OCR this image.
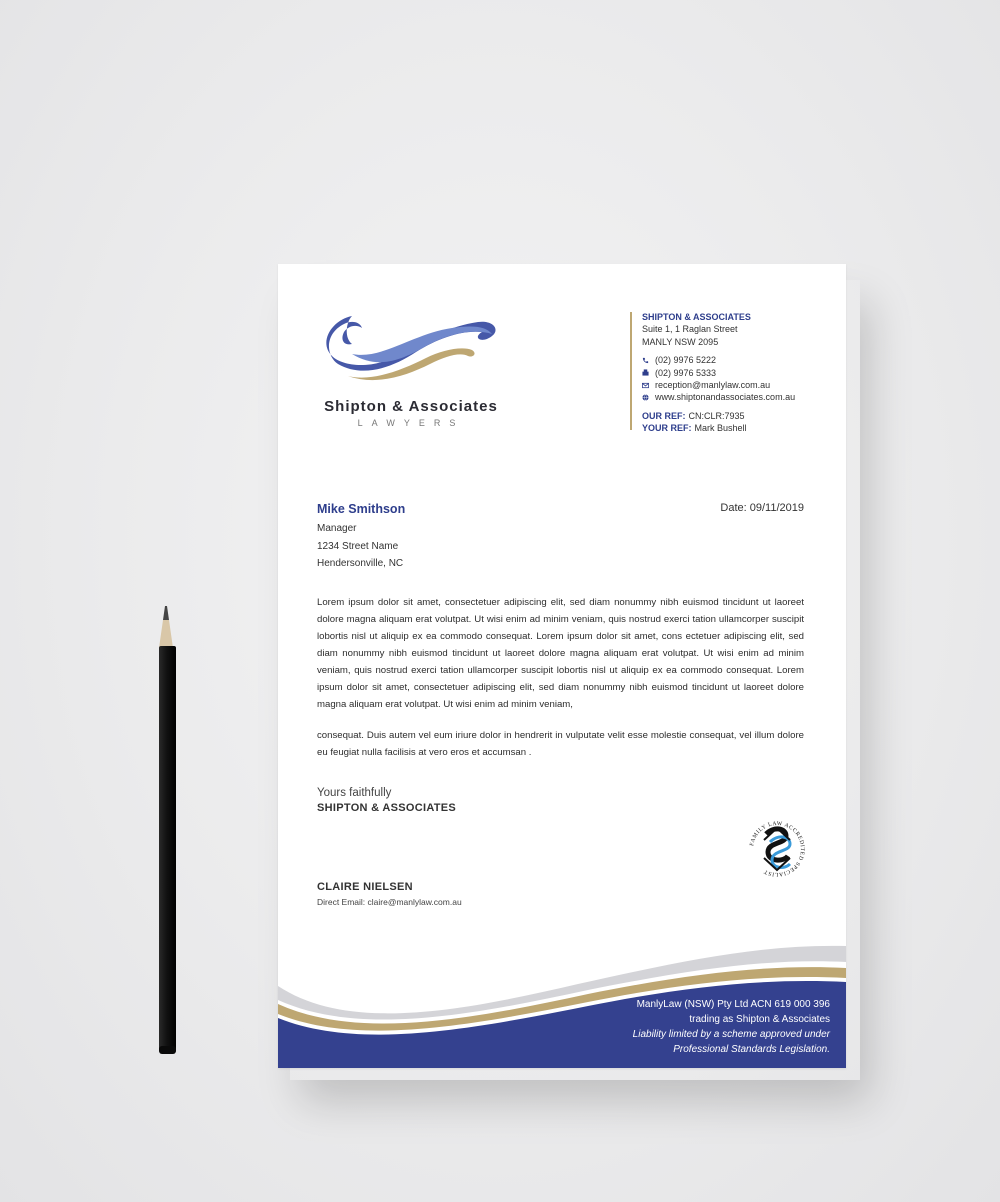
Shipton & Associates
LAWYERS
SHIPTON & ASSOCIATES
Suite 1, 1 Raglan Street
MANLY NSW 2095
(02) 9976 5222
(02) 9976 5333
reception@manlylaw.com.au
www.shiptonandassociates.com.au
OUR REF: CN:CLR:7935
YOUR REF: Mark Bushell
Mike Smithson
Manager
1234 Street Name
Hendersonville, NC
Date: 09/11/2019
Lorem ipsum dolor sit amet, consectetuer adipiscing elit, sed diam nonummy nibh euismod tincidunt ut laoreet dolore magna aliquam erat volutpat. Ut wisi enim ad minim veniam, quis nostrud exerci tation ullamcorper suscipit lobortis nisl ut aliquip ex ea commodo consequat. Lorem ipsum dolor sit amet, cons ectetuer adipiscing elit, sed diam nonummy nibh euismod tincidunt ut laoreet dolore magna aliquam erat volutpat. Ut wisi enim ad minim veniam, quis nostrud exerci tation ullamcorper suscipit lobortis nisl ut aliquip ex ea commodo consequat. Lorem ipsum dolor sit amet, consectetuer adipiscing elit, sed diam nonummy nibh euismod tincidunt ut laoreet dolore magna aliquam erat volutpat. Ut wisi enim ad minim veniam,
consequat. Duis autem vel eum iriure dolor in hendrerit in vulputate velit esse molestie consequat, vel illum dolore eu feugiat nulla facilisis at vero eros et accumsan .
Yours faithfully
SHIPTON & ASSOCIATES
CLAIRE NIELSEN
Direct Email: claire@manlylaw.com.au
FAMILY LAW ACCREDITED SPECIALIST
ManlyLaw (NSW) Pty Ltd ACN 619 000 396
trading as Shipton & Associates
Liability limited by a scheme approved under
Professional Standards Legislation.
